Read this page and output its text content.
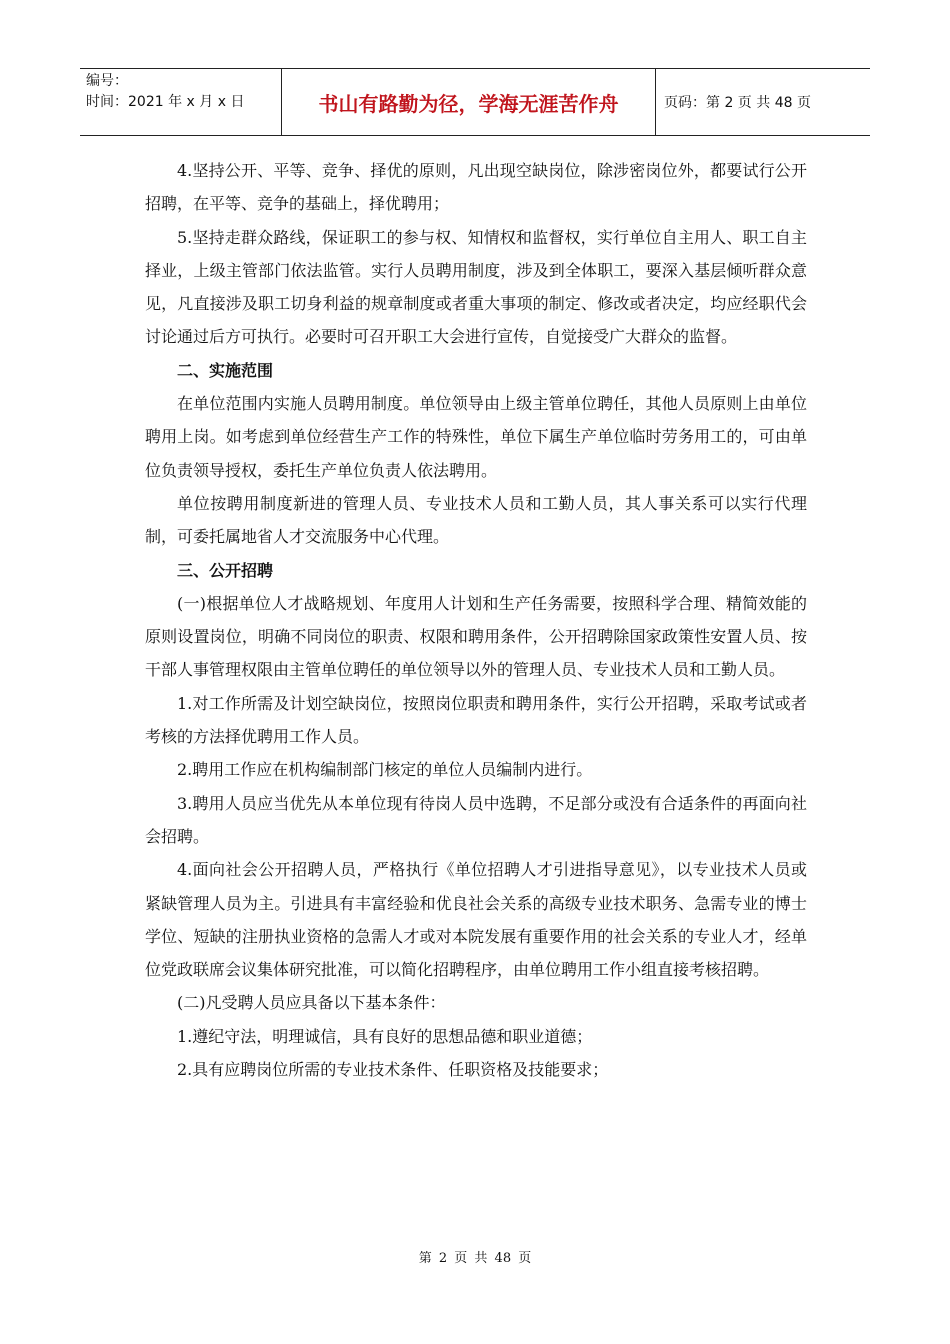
编号：
时间：2021 年 x 月 x 日	书山有路勤为径，学海无涯苦作舟	页码：第 2 页 共 48 页

4.坚持公开、平等、竞争、择优的原则，凡出现空缺岗位，除涉密岗位外，都要试行公开招聘，在平等、竞争的基础上，择优聘用；

5.坚持走群众路线，保证职工的参与权、知情权和监督权，实行单位自主用人、职工自主择业，上级主管部门依法监管。实行人员聘用制度，涉及到全体职工，要深入基层倾听群众意见，凡直接涉及职工切身利益的规章制度或者重大事项的制定、修改或者决定，均应经职代会讨论通过后方可执行。必要时可召开职工大会进行宣传，自觉接受广大群众的监督。

二、实施范围

在单位范围内实施人员聘用制度。单位领导由上级主管单位聘任，其他人员原则上由单位聘用上岗。如考虑到单位经营生产工作的特殊性，单位下属生产单位临时劳务用工的，可由单位负责领导授权，委托生产单位负责人依法聘用。

单位按聘用制度新进的管理人员、专业技术人员和工勤人员，其人事关系可以实行代理制，可委托属地省人才交流服务中心代理。

三、公开招聘

(一)根据单位人才战略规划、年度用人计划和生产任务需要，按照科学合理、精简效能的原则设置岗位，明确不同岗位的职责、权限和聘用条件，公开招聘除国家政策性安置人员、按干部人事管理权限由主管单位聘任的单位领导以外的管理人员、专业技术人员和工勤人员。

1.对工作所需及计划空缺岗位，按照岗位职责和聘用条件，实行公开招聘，采取考试或者考核的方法择优聘用工作人员。

2.聘用工作应在机构编制部门核定的单位人员编制内进行。

3.聘用人员应当优先从本单位现有待岗人员中选聘，不足部分或没有合适条件的再面向社会招聘。

4.面向社会公开招聘人员，严格执行《单位招聘人才引进指导意见》，以专业技术人员或紧缺管理人员为主。引进具有丰富经验和优良社会关系的高级专业技术职务、急需专业的博士学位、短缺的注册执业资格的急需人才或对本院发展有重要作用的社会关系的专业人才，经单位党政联席会议集体研究批准，可以简化招聘程序，由单位聘用工作小组直接考核招聘。

(二)凡受聘人员应具备以下基本条件：

1.遵纪守法，明理诚信，具有良好的思想品德和职业道德；

2.具有应聘岗位所需的专业技术条件、任职资格及技能要求；

第 2 页 共 48 页
